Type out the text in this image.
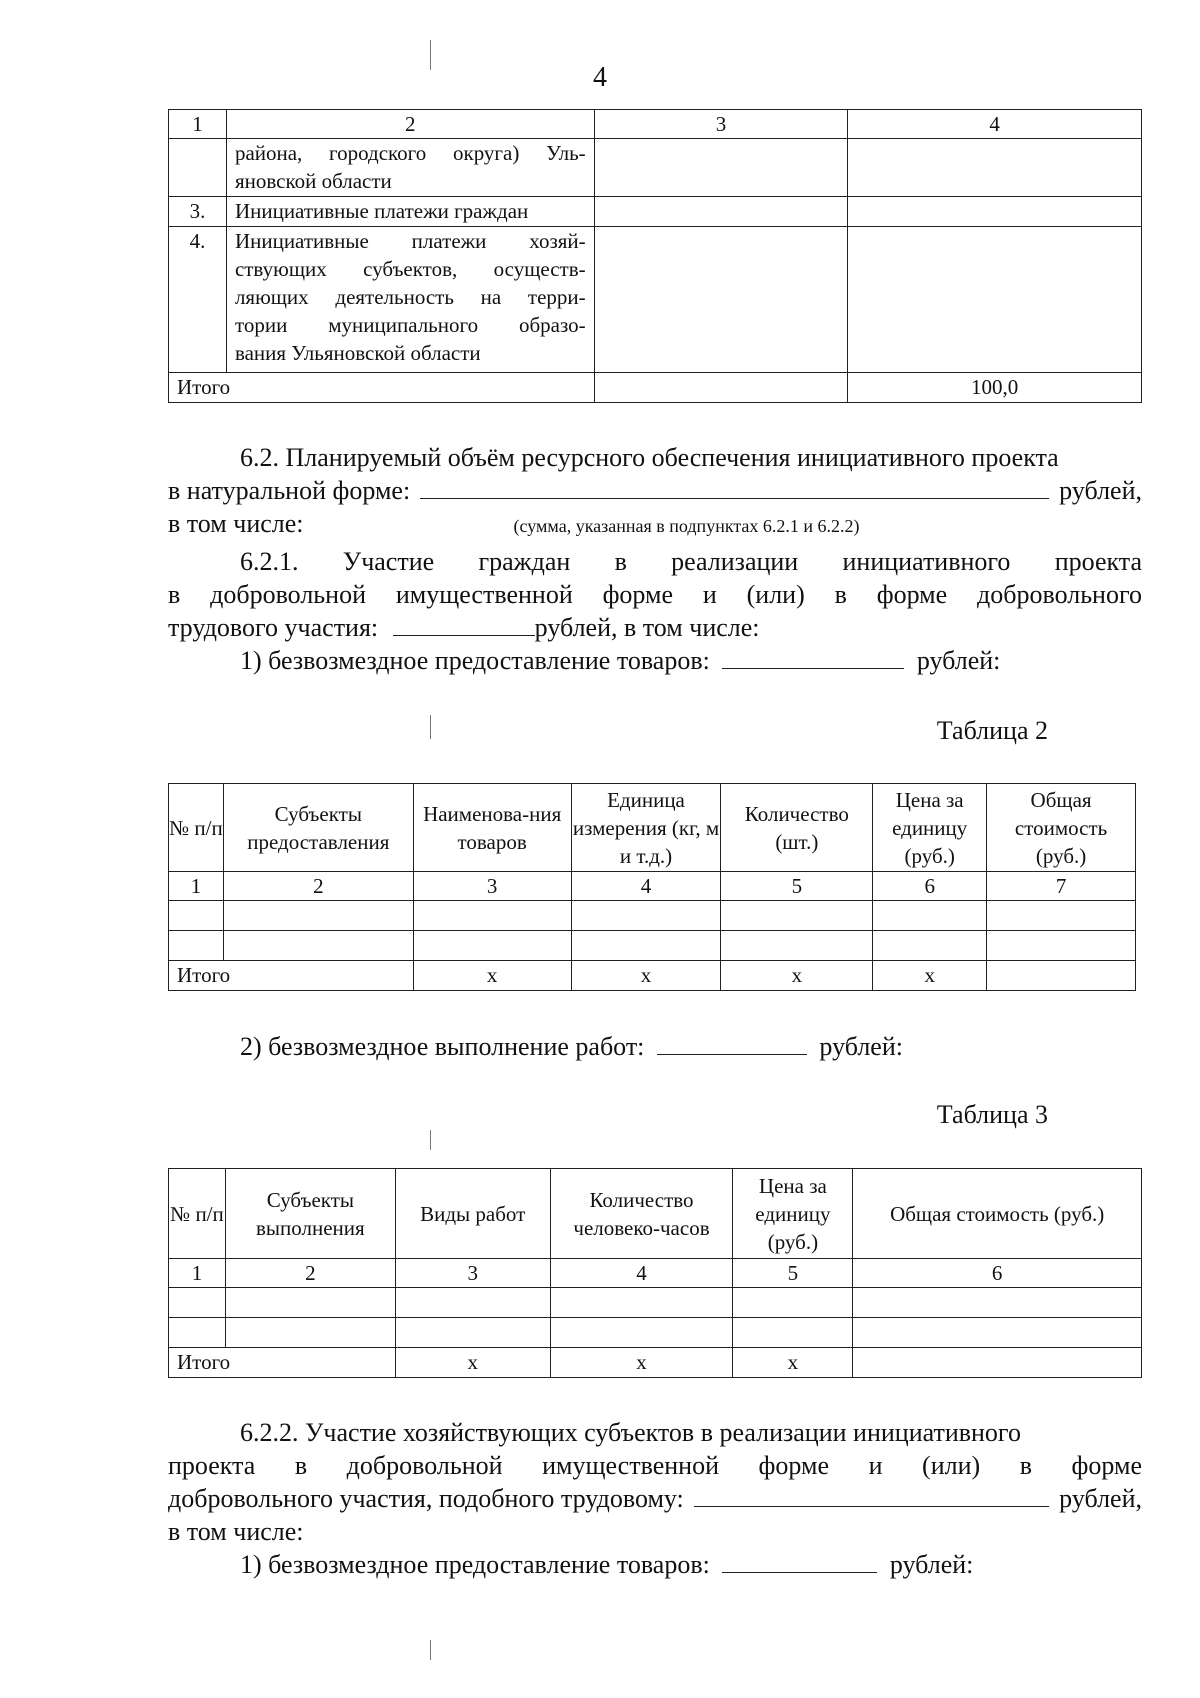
4
1	2	3	4

	района, городского округа) Уль-
яновской области		

3.	Инициативные платежи граждан		

4.	Инициативные платежи хозяй-
ствующих субъектов, осуществ-
ляющих деятельность на терри-
тории муниципального образо-
вания Ульяновской области		

Итого			100,0
6.2. Планируемый объём ресурсного обеспечения инициативного проекта
в натуральной форме:	рублей,
в том числе:	(сумма, указанная в подпунктах 6.2.1 и 6.2.2)
6.2.1. Участие граждан в реализации инициативного проекта
в добровольной имущественной форме и (или) в форме добровольного
трудового участия:	рублей, в том числе:
1) безвозмездное предоставление товаров:	рублей:
Таблица 2
№ п/п	Субъекты предоставления	Наименова-ния товаров	Единица измерения (кг, м и т.д.)	Количество (шт.)	Цена за единицу (руб.)	Общая стоимость (руб.)
1	2	3	4	5	6	7

Итого		х	х	х	х	
2) безвозмездное выполнение работ:	рублей:
Таблица 3
№ п/п	Субъекты выполнения	Виды работ	Количество человеко-часов	Цена за единицу (руб.)	Общая стоимость (руб.)
1	2	3	4	5	6

Итого		х	х	х	
6.2.2. Участие хозяйствующих субъектов в реализации инициативного
проекта в добровольной имущественной форме и (или) в форме
добровольного участия, подобного трудовому:	рублей,
в том числе:
1) безвозмездное предоставление товаров:	рублей:
